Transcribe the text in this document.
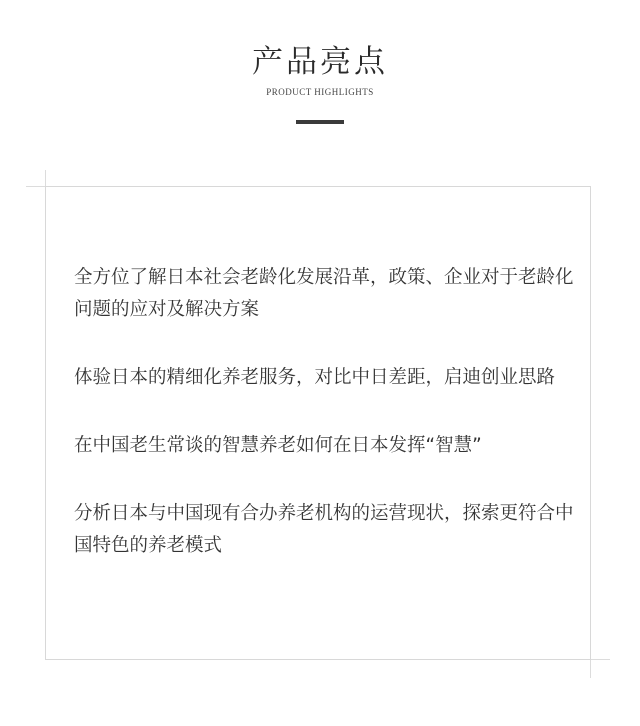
产品亮点
PRODUCT HIGHLIGHTS
全方位了解日本社会老龄化发展沿革，政策、企业对于老龄化问题的应对及解决方案
体验日本的精细化养老服务，对比中日差距，启迪创业思路
在中国老生常谈的智慧养老如何在日本发挥“智慧”
分析日本与中国现有合办养老机构的运营现状，探索更符合中国特色的养老模式
